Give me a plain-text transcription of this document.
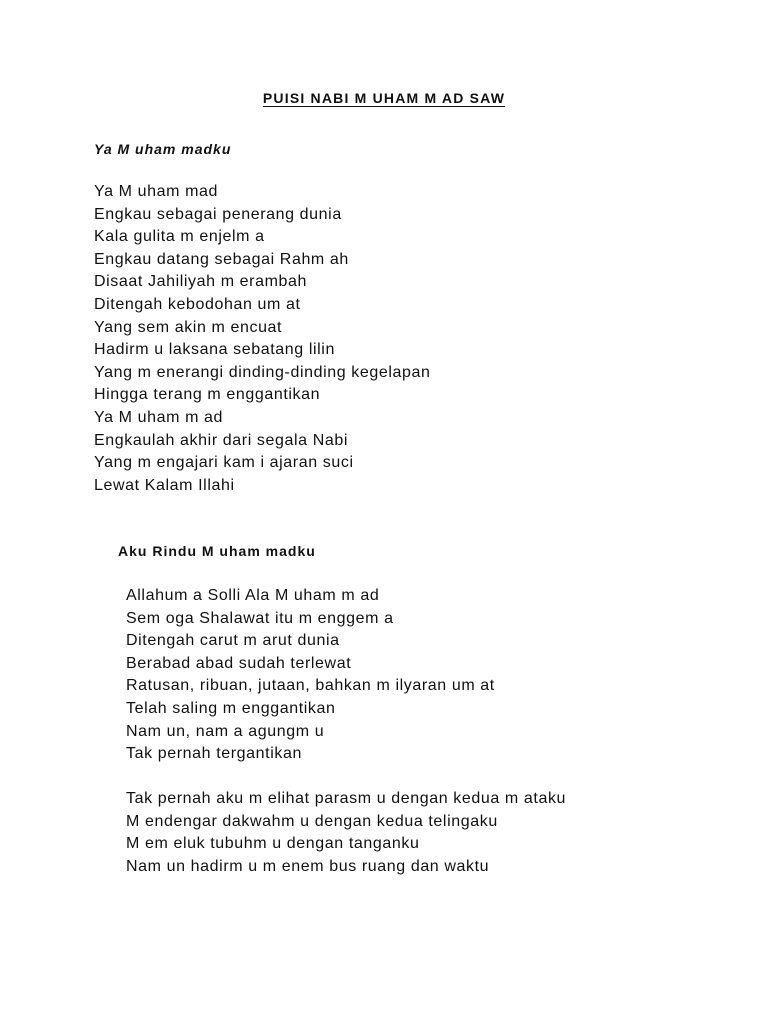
PUISI NABI M UHAM M AD SAW
Ya M uham madku
Ya M uham mad
Engkau sebagai penerang dunia
Kala gulita m enjelm a
Engkau datang sebagai Rahm ah
Disaat Jahiliyah m erambah
Ditengah kebodohan um at
Yang sem akin m encuat
Hadirm u laksana sebatang lilin
Yang m enerangi dinding-dinding kegelapan
Hingga terang m enggantikan
Ya M uham m ad
Engkaulah akhir dari segala Nabi
Yang m engajari kam i ajaran suci
Lewat Kalam Illahi
Aku Rindu M uham madku
Allahum a Solli Ala M uham m ad
Sem oga Shalawat itu m enggem a
Ditengah carut m arut dunia
Berabad abad sudah terlewat
Ratusan, ribuan, jutaan, bahkan m ilyaran um at
Telah saling m enggantikan
Nam un, nam a agungm u
Tak pernah tergantikan
Tak pernah aku m elihat parasm u dengan kedua m ataku
M endengar dakwahm u dengan kedua telingaku
M em eluk tubuhm u dengan tanganku
Nam un hadirm u m enem bus ruang dan waktu
